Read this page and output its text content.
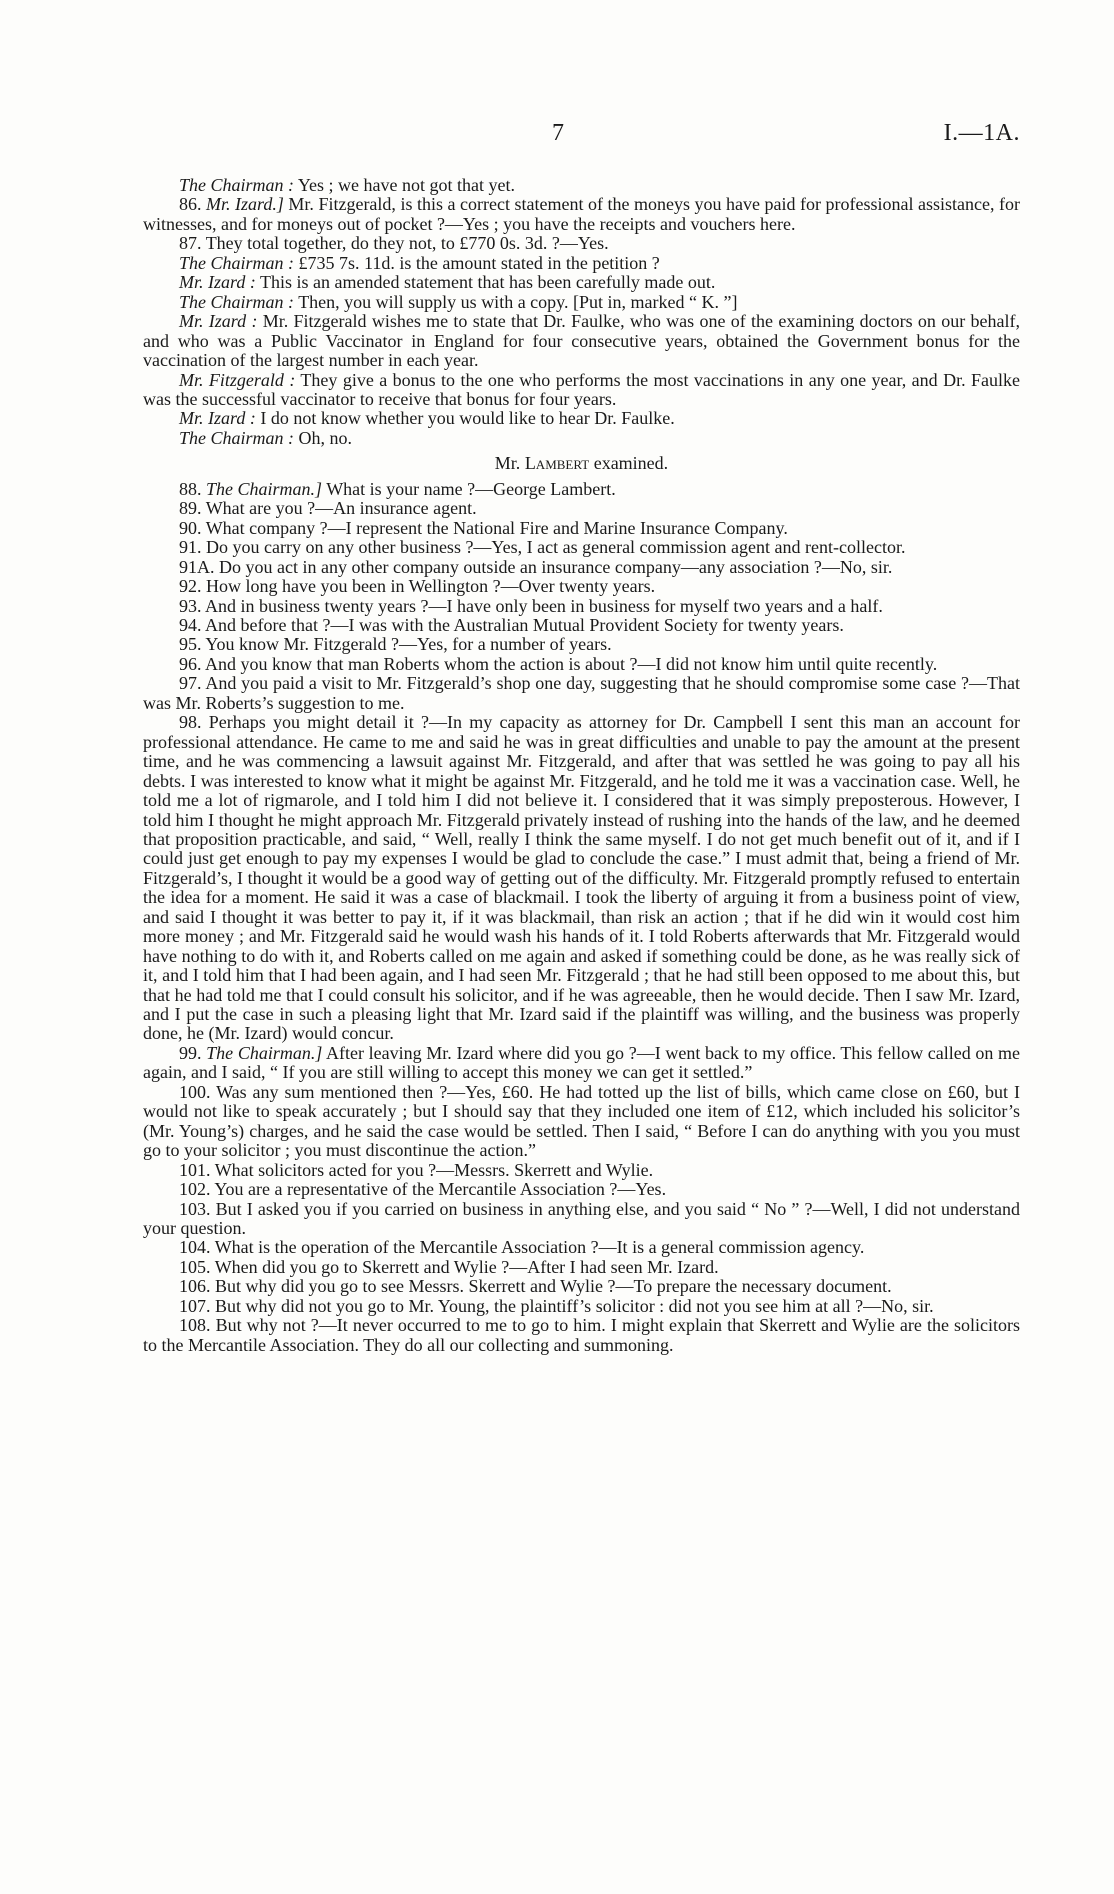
7	I.—1A.

The Chairman : Yes ; we have not got that yet.

86. Mr. Izard.] Mr. Fitzgerald, is this a correct statement of the moneys you have paid for professional assistance, for witnesses, and for moneys out of pocket ?—Yes ; you have the receipts and vouchers here.

87. They total together, do they not, to £770 0s. 3d. ?—Yes.

The Chairman : £735 7s. 11d. is the amount stated in the petition ?

Mr. Izard : This is an amended statement that has been carefully made out.

The Chairman : Then, you will supply us with a copy. [Put in, marked “ K. ”]

Mr. Izard : Mr. Fitzgerald wishes me to state that Dr. Faulke, who was one of the examining doctors on our behalf, and who was a Public Vaccinator in England for four consecutive years, obtained the Government bonus for the vaccination of the largest number in each year.

Mr. Fitzgerald : They give a bonus to the one who performs the most vaccinations in any one year, and Dr. Faulke was the successful vaccinator to receive that bonus for four years.

Mr. Izard : I do not know whether you would like to hear Dr. Faulke.

The Chairman : Oh, no.

Mr. Lambert examined.

88. The Chairman.] What is your name ?—George Lambert.

89. What are you ?—An insurance agent.

90. What company ?—I represent the National Fire and Marine Insurance Company.

91. Do you carry on any other business ?—Yes, I act as general commission agent and rent-collector.

91A. Do you act in any other company outside an insurance company—any association ?—No, sir.

92. How long have you been in Wellington ?—Over twenty years.

93. And in business twenty years ?—I have only been in business for myself two years and a half.

94. And before that ?—I was with the Australian Mutual Provident Society for twenty years.

95. You know Mr. Fitzgerald ?—Yes, for a number of years.

96. And you know that man Roberts whom the action is about ?—I did not know him until quite recently.

97. And you paid a visit to Mr. Fitzgerald’s shop one day, suggesting that he should compromise some case ?—That was Mr. Roberts’s suggestion to me.

98. Perhaps you might detail it ?—In my capacity as attorney for Dr. Campbell I sent this man an account for professional attendance. He came to me and said he was in great difficulties and unable to pay the amount at the present time, and he was commencing a lawsuit against Mr. Fitzgerald, and after that was settled he was going to pay all his debts. I was interested to know what it might be against Mr. Fitzgerald, and he told me it was a vaccination case. Well, he told me a lot of rigmarole, and I told him I did not believe it. I considered that it was simply preposterous. However, I told him I thought he might approach Mr. Fitzgerald privately instead of rushing into the hands of the law, and he deemed that proposition practicable, and said, “ Well, really I think the same myself. I do not get much benefit out of it, and if I could just get enough to pay my expenses I would be glad to conclude the case.” I must admit that, being a friend of Mr. Fitzgerald’s, I thought it would be a good way of getting out of the difficulty. Mr. Fitzgerald promptly refused to entertain the idea for a moment. He said it was a case of blackmail. I took the liberty of arguing it from a business point of view, and said I thought it was better to pay it, if it was blackmail, than risk an action ; that if he did win it would cost him more money ; and Mr. Fitzgerald said he would wash his hands of it. I told Roberts afterwards that Mr. Fitzgerald would have nothing to do with it, and Roberts called on me again and asked if something could be done, as he was really sick of it, and I told him that I had been again, and I had seen Mr. Fitzgerald ; that he had still been opposed to me about this, but that he had told me that I could consult his solicitor, and if he was agreeable, then he would decide. Then I saw Mr. Izard, and I put the case in such a pleasing light that Mr. Izard said if the plaintiff was willing, and the business was properly done, he (Mr. Izard) would concur.

99. The Chairman.] After leaving Mr. Izard where did you go ?—I went back to my office. This fellow called on me again, and I said, “ If you are still willing to accept this money we can get it settled.”

100. Was any sum mentioned then ?—Yes, £60. He had totted up the list of bills, which came close on £60, but I would not like to speak accurately ; but I should say that they included one item of £12, which included his solicitor’s (Mr. Young’s) charges, and he said the case would be settled. Then I said, “ Before I can do anything with you you must go to your solicitor ; you must discontinue the action.”

101. What solicitors acted for you ?—Messrs. Skerrett and Wylie.

102. You are a representative of the Mercantile Association ?—Yes.

103. But I asked you if you carried on business in anything else, and you said “ No ” ?—Well, I did not understand your question.

104. What is the operation of the Mercantile Association ?—It is a general commission agency.

105. When did you go to Skerrett and Wylie ?—After I had seen Mr. Izard.

106. But why did you go to see Messrs. Skerrett and Wylie ?—To prepare the necessary document.

107. But why did not you go to Mr. Young, the plaintiff’s solicitor : did not you see him at all ?—No, sir.

108. But why not ?—It never occurred to me to go to him. I might explain that Skerrett and Wylie are the solicitors to the Mercantile Association. They do all our collecting and summoning.
